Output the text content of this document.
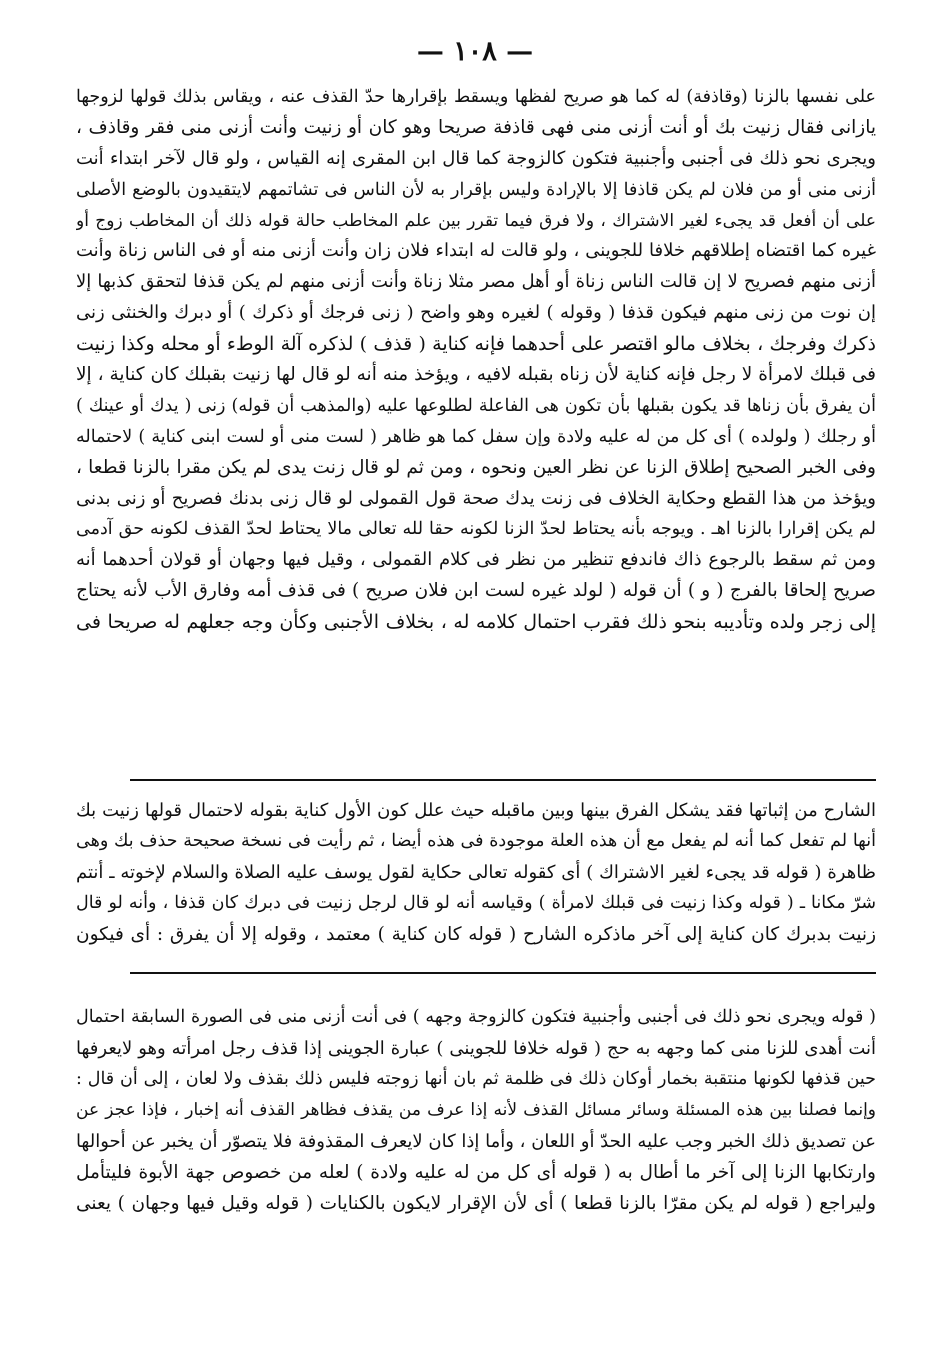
— ١٠٨ —
على نفسها بالزنا (وقاذفة) له كما هو صريح لفظها ويسقط بإقرارها حدّ القذف عنه ، ويقاس بذلك قولها لزوجها
يازانى فقال زنيت بك أو أنت أزنى منى فهى قاذفة صريحا وهو كان أو زنيت وأنت أزنى منى فقر وقاذف ،
ويجرى نحو ذلك فى أجنبى وأجنبية فتكون كالزوجة كما قال ابن المقرى إنه القياس ، ولو قال لآخر ابتداء أنت
أزنى منى أو من فلان لم يكن قاذفا إلا بالإرادة وليس بإقرار به لأن الناس فى تشاتمهم لايتقيدون بالوضع الأصلى
على أن أفعل قد يجىء لغير الاشتراك ، ولا فرق فيما تقرر بين علم المخاطب حالة قوله ذلك أن المخاطب زوج أو
غيره كما اقتضاه إطلاقهم خلافا للجوينى ، ولو قالت له ابتداء فلان زان وأنت أزنى منه أو فى الناس زناة وأنت
أزنى منهم فصريح لا إن قالت الناس زناة أو أهل مصر مثلا زناة وأنت أزنى منهم لم يكن قذفا لتحقق كذبها إلا
إن نوت من زنى منهم فيكون قذفا ( وقوله ) لغيره وهو واضح ( زنى فرجك أو ذكرك ) أو دبرك والخنثى زنى
ذكرك وفرجك ، بخلاف مالو اقتصر على أحدهما فإنه كناية ( قذف ) لذكره آلة الوطء أو محله وكذا زنيت
فى قبلك لامرأة لا رجل فإنه كناية لأن زناه بقبله لافيه ، ويؤخذ منه أنه لو قال لها زنيت بقبلك كان كناية ، إلا
أن يفرق بأن زناها قد يكون بقبلها بأن تكون هى الفاعلة لطلوعها عليه (والمذهب أن قوله) زنى ( يدك أو عينك )
أو رجلك ( ولولده ) أى كل من له عليه ولادة وإن سفل كما هو ظاهر ( لست منى أو لست ابنى كناية ) لاحتماله
وفى الخبر الصحيح إطلاق الزنا عن نظر العين ونحوه ، ومن ثم لو قال زنت يدى لم يكن مقرا بالزنا قطعا ،
ويؤخذ من هذا القطع وحكاية الخلاف فى زنت يدك صحة قول القمولى لو قال زنى بدنك فصريح أو زنى بدنى
لم يكن إقرارا بالزنا اهـ . ويوجه بأنه يحتاط لحدّ الزنا لكونه حقا لله تعالى مالا يحتاط لحدّ القذف لكونه حق آدمى
ومن ثم سقط بالرجوع ذاك فاندفع تنظير من نظر فى كلام القمولى ، وقيل فيها وجهان أو قولان أحدهما أنه
صريح إلحاقا بالفرج ( و ) أن قوله ( لولد غيره لست ابن فلان صريح ) فى قذف أمه وفارق الأب لأنه يحتاج
إلى زجر ولده وتأديبه بنحو ذلك فقرب احتمال كلامه له ، بخلاف الأجنبى وكأن وجه جعلهم له صريحا فى
الشارح من إثباتها فقد يشكل الفرق بينها وبين ماقبله حيث علل كون الأول كناية بقوله لاحتمال قولها زنيت بك
أنها لم تفعل كما أنه لم يفعل مع أن هذه العلة موجودة فى هذه أيضا ، ثم رأيت فى نسخة صحيحة حذف بك وهى
ظاهرة ( قوله قد يجىء لغير الاشتراك ) أى كقوله تعالى حكاية لقول يوسف عليه الصلاة والسلام لإخوته ـ أنتم
شرّ مكانا ـ ( قوله وكذا زنيت فى قبلك لامرأة ) وقياسه أنه لو قال لرجل زنيت فى دبرك كان قذفا ، وأنه لو قال
زنيت بدبرك كان كناية إلى آخر ماذكره الشارح ( قوله كان كناية ) معتمد ، وقوله إلا أن يفرق : أى فيكون
( قوله ويجرى نحو ذلك فى أجنبى وأجنبية فتكون كالزوجة وجهه ) فى أنت أزنى منى فى الصورة السابقة احتمال
أنت أهدى للزنا منى كما وجهه به حج ( قوله خلافا للجوينى ) عبارة الجوينى إذا قذف رجل امرأته وهو لايعرفها
حين قذفها لكونها منتقبة بخمار أوكان ذلك فى ظلمة ثم بان أنها زوجته فليس ذلك بقذف ولا لعان ، إلى أن قال :
وإنما فصلنا بين هذه المسئلة وسائر مسائل القذف لأنه إذا عرف من يقذف فظاهر القذف أنه إخبار ، فإذا عجز عن
عن تصديق ذلك الخبر وجب عليه الحدّ أو اللعان ، وأما إذا كان لايعرف المقذوفة فلا يتصوّر أن يخبر عن أحوالها
وارتكابها الزنا إلى آخر ما أطال به ( قوله أى كل من له عليه ولادة ) لعله من خصوص جهة الأبوة فليتأمل
وليراجع ( قوله لم يكن مقرّا بالزنا قطعا ) أى لأن الإقرار لايكون بالكنايات ( قوله وقيل فيها وجهان ) يعنى
